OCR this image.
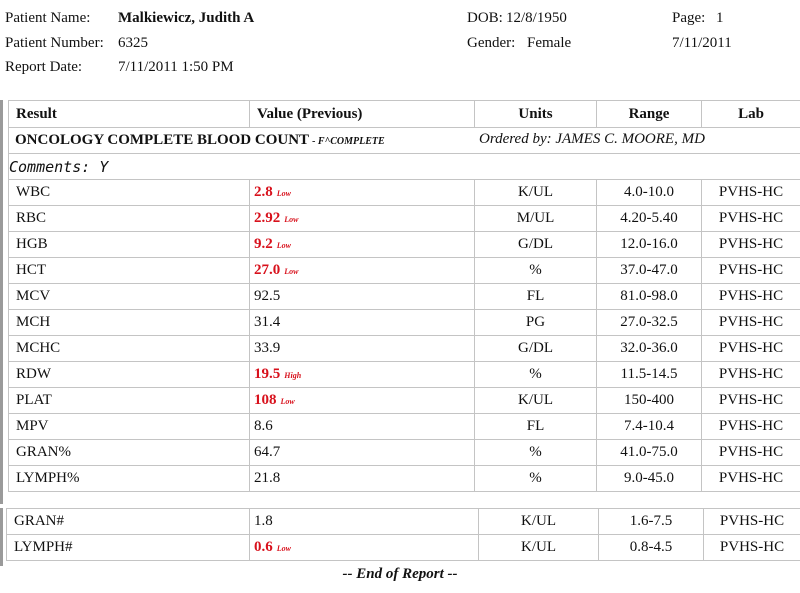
Patient Name: Malkiewicz, Judith A
Patient Number: 6325
Report Date: 7/11/2011 1:50 PM
DOB: 12/8/1950
Gender: Female
Page: 1
7/11/2011
Result	Value (Previous)	Units	Range	Lab
ONCOLOGY COMPLETE BLOOD COUNT - F^COMPLETE Ordered by: JAMES C. MOORE, MD				

Comments: Y				
WBC	2.8 Low	K/UL	4.0-10.0	PVHS-HC
RBC	2.92 Low	M/UL	4.20-5.40	PVHS-HC
HGB	9.2 Low	G/DL	12.0-16.0	PVHS-HC
HCT	27.0 Low	%	37.0-47.0	PVHS-HC
MCV	92.5	FL	81.0-98.0	PVHS-HC
MCH	31.4	PG	27.0-32.5	PVHS-HC
MCHC	33.9	G/DL	32.0-36.0	PVHS-HC
RDW	19.5 High	%	11.5-14.5	PVHS-HC
PLAT	108 Low	K/UL	150-400	PVHS-HC
MPV	8.6	FL	7.4-10.4	PVHS-HC
GRAN%	64.7	%	41.0-75.0	PVHS-HC
LYMPH%	21.8	%	9.0-45.0	PVHS-HC
GRAN#	1.8	K/UL	1.6-7.5	PVHS-HC
LYMPH#	0.6 Low	K/UL	0.8-4.5	PVHS-HC
-- End of Report --
